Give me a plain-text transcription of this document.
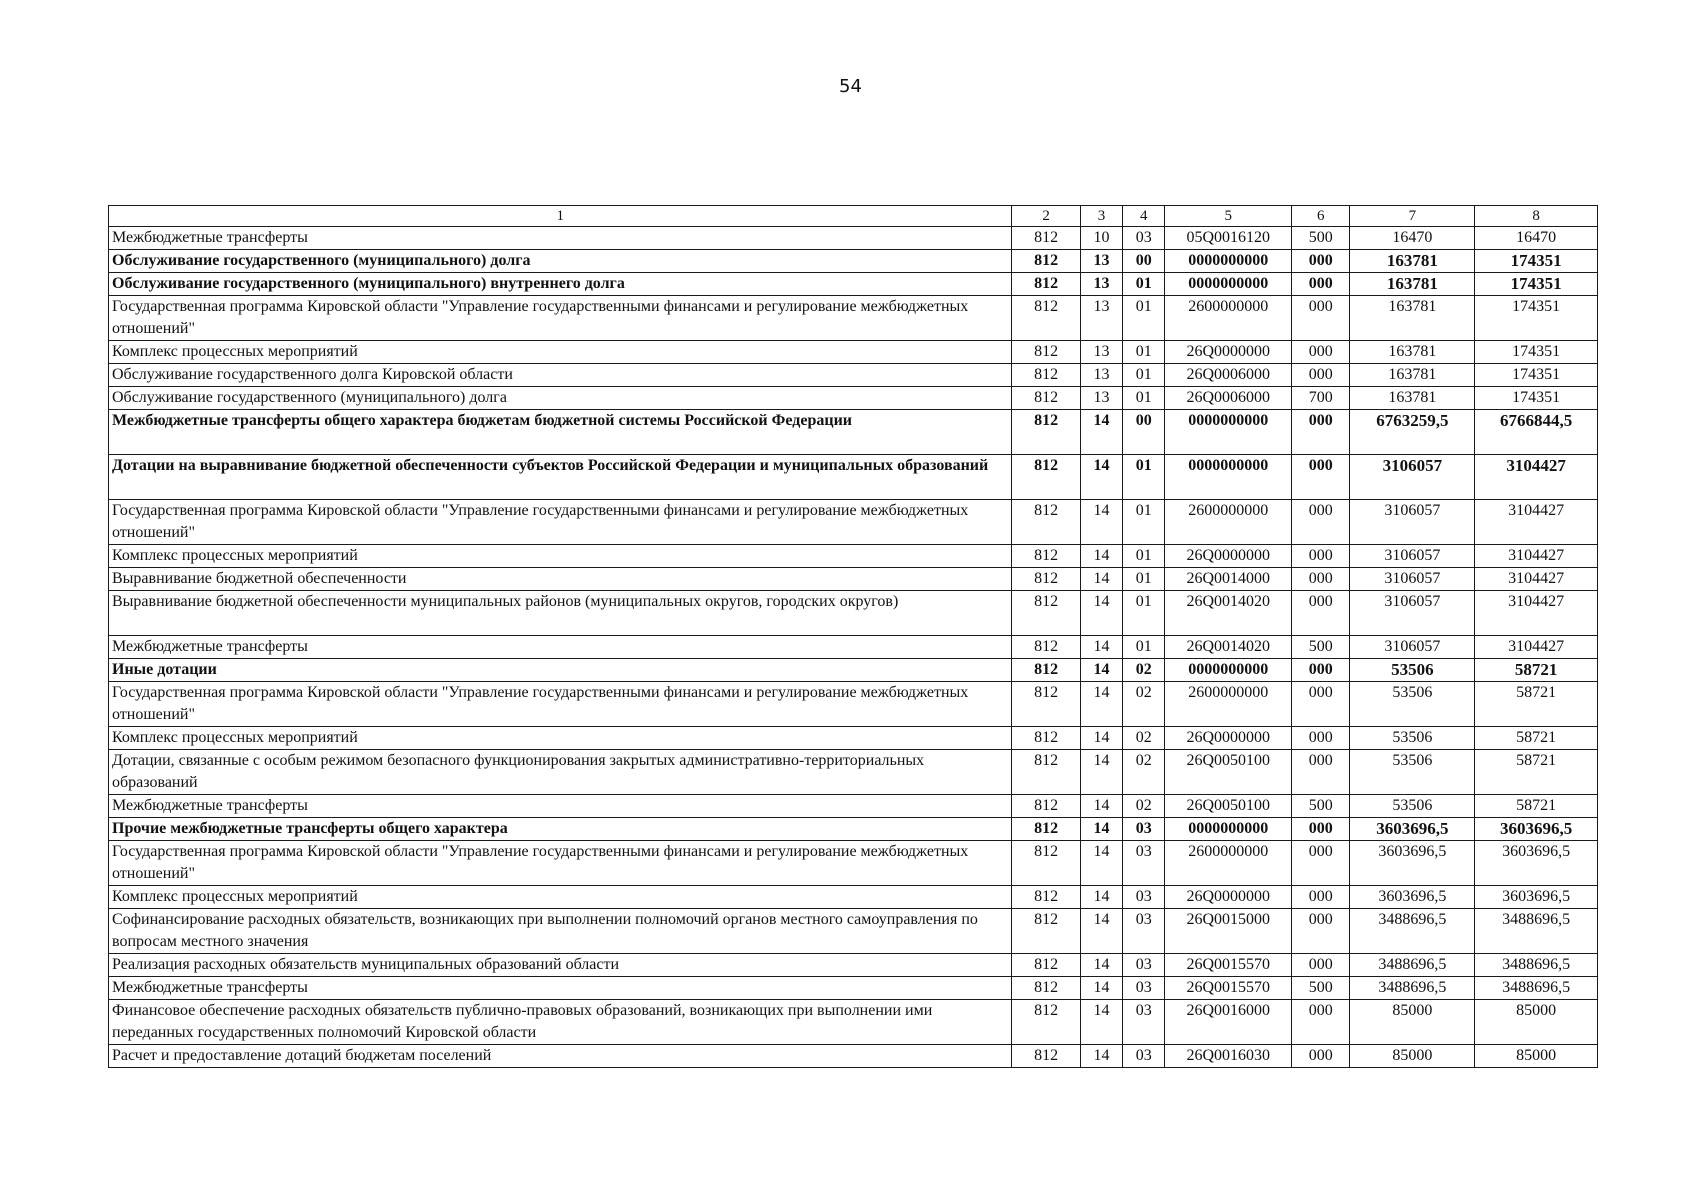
54
1	2	3	4	5	6	7	8
Межбюджетные трансферты	812	10	03	05Q0016120	500	16470	16470
Обслуживание государственного (муниципального) долга	812	13	00	0000000000	000	163781	174351
Обслуживание государственного (муниципального) внутреннего долга	812	13	01	0000000000	000	163781	174351
Государственная программа Кировской области "Управление государственными финансами и регулирование межбюджетных отношений"	812	13	01	2600000000	000	163781	174351
Комплекс процессных мероприятий	812	13	01	26Q0000000	000	163781	174351
Обслуживание государственного долга Кировской области	812	13	01	26Q0006000	000	163781	174351
Обслуживание государственного (муниципального) долга	812	13	01	26Q0006000	700	163781	174351
Межбюджетные трансферты общего характера бюджетам бюджетной системы Российской Федерации	812	14	00	0000000000	000	6763259,5	6766844,5
Дотации на выравнивание бюджетной обеспеченности субъектов Российской Федерации и муниципальных образований	812	14	01	0000000000	000	3106057	3104427
Государственная программа Кировской области "Управление государственными финансами и регулирование межбюджетных отношений"	812	14	01	2600000000	000	3106057	3104427
Комплекс процессных мероприятий	812	14	01	26Q0000000	000	3106057	3104427
Выравнивание бюджетной обеспеченности	812	14	01	26Q0014000	000	3106057	3104427
Выравнивание бюджетной обеспеченности муниципальных районов (муниципальных округов, городских округов)	812	14	01	26Q0014020	000	3106057	3104427
Межбюджетные трансферты	812	14	01	26Q0014020	500	3106057	3104427
Иные дотации	812	14	02	0000000000	000	53506	58721
Государственная программа Кировской области "Управление государственными финансами и регулирование межбюджетных отношений"	812	14	02	2600000000	000	53506	58721
Комплекс процессных мероприятий	812	14	02	26Q0000000	000	53506	58721
Дотации, связанные с особым режимом безопасного функционирования закрытых административно-территориальных образований	812	14	02	26Q0050100	000	53506	58721
Межбюджетные трансферты	812	14	02	26Q0050100	500	53506	58721
Прочие межбюджетные трансферты общего характера	812	14	03	0000000000	000	3603696,5	3603696,5
Государственная программа Кировской области "Управление государственными финансами и регулирование межбюджетных отношений"	812	14	03	2600000000	000	3603696,5	3603696,5
Комплекс процессных мероприятий	812	14	03	26Q0000000	000	3603696,5	3603696,5
Софинансирование расходных обязательств, возникающих при выполнении полномочий органов местного самоуправления по вопросам местного значения	812	14	03	26Q0015000	000	3488696,5	3488696,5
Реализация расходных обязательств муниципальных образований области	812	14	03	26Q0015570	000	3488696,5	3488696,5
Межбюджетные трансферты	812	14	03	26Q0015570	500	3488696,5	3488696,5
Финансовое обеспечение расходных обязательств публично-правовых образований, возникающих при выполнении ими переданных государственных полномочий Кировской области	812	14	03	26Q0016000	000	85000	85000
Расчет и предоставление дотаций бюджетам поселений	812	14	03	26Q0016030	000	85000	85000
